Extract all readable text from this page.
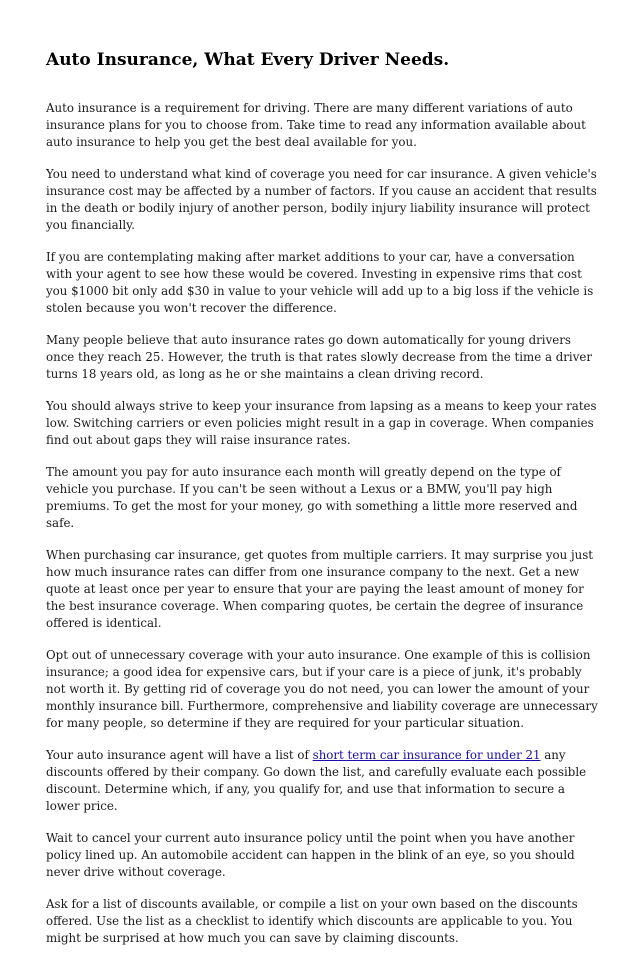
Auto Insurance, What Every Driver Needs.

Auto insurance is a requirement for driving. There are many different variations of auto insurance plans for you to choose from. Take time to read any information available about auto insurance to help you get the best deal available for you.

You need to understand what kind of coverage you need for car insurance. A given vehicle's insurance cost may be affected by a number of factors. If you cause an accident that results in the death or bodily injury of another person, bodily injury liability insurance will protect you financially.

If you are contemplating making after market additions to your car, have a conversation with your agent to see how these would be covered. Investing in expensive rims that cost you $1000 bit only add $30 in value to your vehicle will add up to a big loss if the vehicle is stolen because you won't recover the difference.

Many people believe that auto insurance rates go down automatically for young drivers once they reach 25. However, the truth is that rates slowly decrease from the time a driver turns 18 years old, as long as he or she maintains a clean driving record.

You should always strive to keep your insurance from lapsing as a means to keep your rates low. Switching carriers or even policies might result in a gap in coverage. When companies find out about gaps they will raise insurance rates.

The amount you pay for auto insurance each month will greatly depend on the type of vehicle you purchase. If you can't be seen without a Lexus or a BMW, you'll pay high premiums. To get the most for your money, go with something a little more reserved and safe.

When purchasing car insurance, get quotes from multiple carriers. It may surprise you just how much insurance rates can differ from one insurance company to the next. Get a new quote at least once per year to ensure that your are paying the least amount of money for the best insurance coverage. When comparing quotes, be certain the degree of insurance offered is identical.

Opt out of unnecessary coverage with your auto insurance. One example of this is collision insurance; a good idea for expensive cars, but if your care is a piece of junk, it's probably not worth it. By getting rid of coverage you do not need, you can lower the amount of your monthly insurance bill. Furthermore, comprehensive and liability coverage are unnecessary for many people, so determine if they are required for your particular situation.

Your auto insurance agent will have a list of short term car insurance for under 21 any discounts offered by their company. Go down the list, and carefully evaluate each possible discount. Determine which, if any, you qualify for, and use that information to secure a lower price.

Wait to cancel your current auto insurance policy until the point when you have another policy lined up. An automobile accident can happen in the blink of an eye, so you should never drive without coverage.

Ask for a list of discounts available, or compile a list on your own based on the discounts offered. Use the list as a checklist to identify which discounts are applicable to you. You might be surprised at how much you can save by claiming discounts.
